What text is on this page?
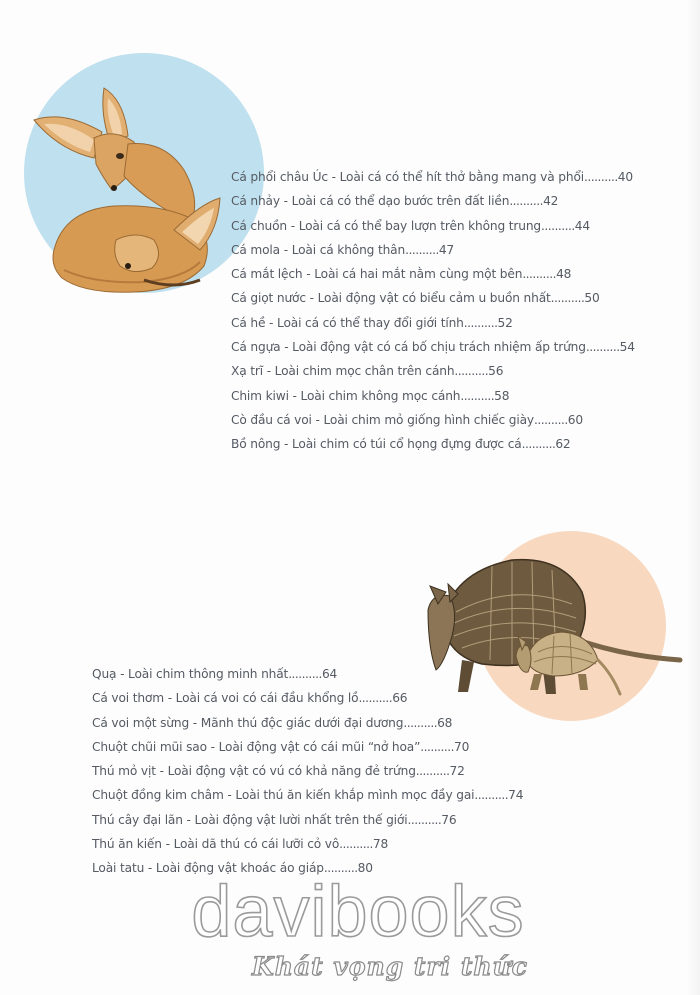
Cá phổi châu Úc - Loài cá có thể hít thở bằng mang và phổi..........40
Cá nhảy - Loài cá có thể dạo bước trên đất liền..........42
Cá chuồn - Loài cá có thể bay lượn trên không trung..........44
Cá mola - Loài cá không thân..........47
Cá mắt lệch - Loài cá hai mắt nằm cùng một bên..........48
Cá giọt nước - Loài động vật có biểu cảm u buồn nhất..........50
Cá hề - Loài cá có thể thay đổi giới tính..........52
Cá ngựa - Loài động vật có cá bố chịu trách nhiệm ấp trứng..........54
Xạ trĩ - Loài chim mọc chân trên cánh..........56
Chim kiwi - Loài chim không mọc cánh..........58
Cò đầu cá voi - Loài chim mỏ giống hình chiếc giày..........60
Bồ nông - Loài chim có túi cổ họng đựng được cá..........62
Quạ - Loài chim thông minh nhất..........64
Cá voi thơm - Loài cá voi có cái đầu khổng lồ..........66
Cá voi một sừng - Mãnh thú độc giác dưới đại dương..........68
Chuột chũi mũi sao - Loài động vật có cái mũi “nở hoa”..........70
Thú mỏ vịt - Loài động vật có vú có khả năng đẻ trứng..........72
Chuột đồng kim châm - Loài thú ăn kiến khắp mình mọc đầy gai..........74
Thú cây đại lãn - Loài động vật lười nhất trên thế giới..........76
Thú ăn kiến - Loài dã thú có cái lưỡi cỏ vô..........78
Loài tatu - Loài động vật khoác áo giáp..........80
davibooks
Khát vọng tri thức
